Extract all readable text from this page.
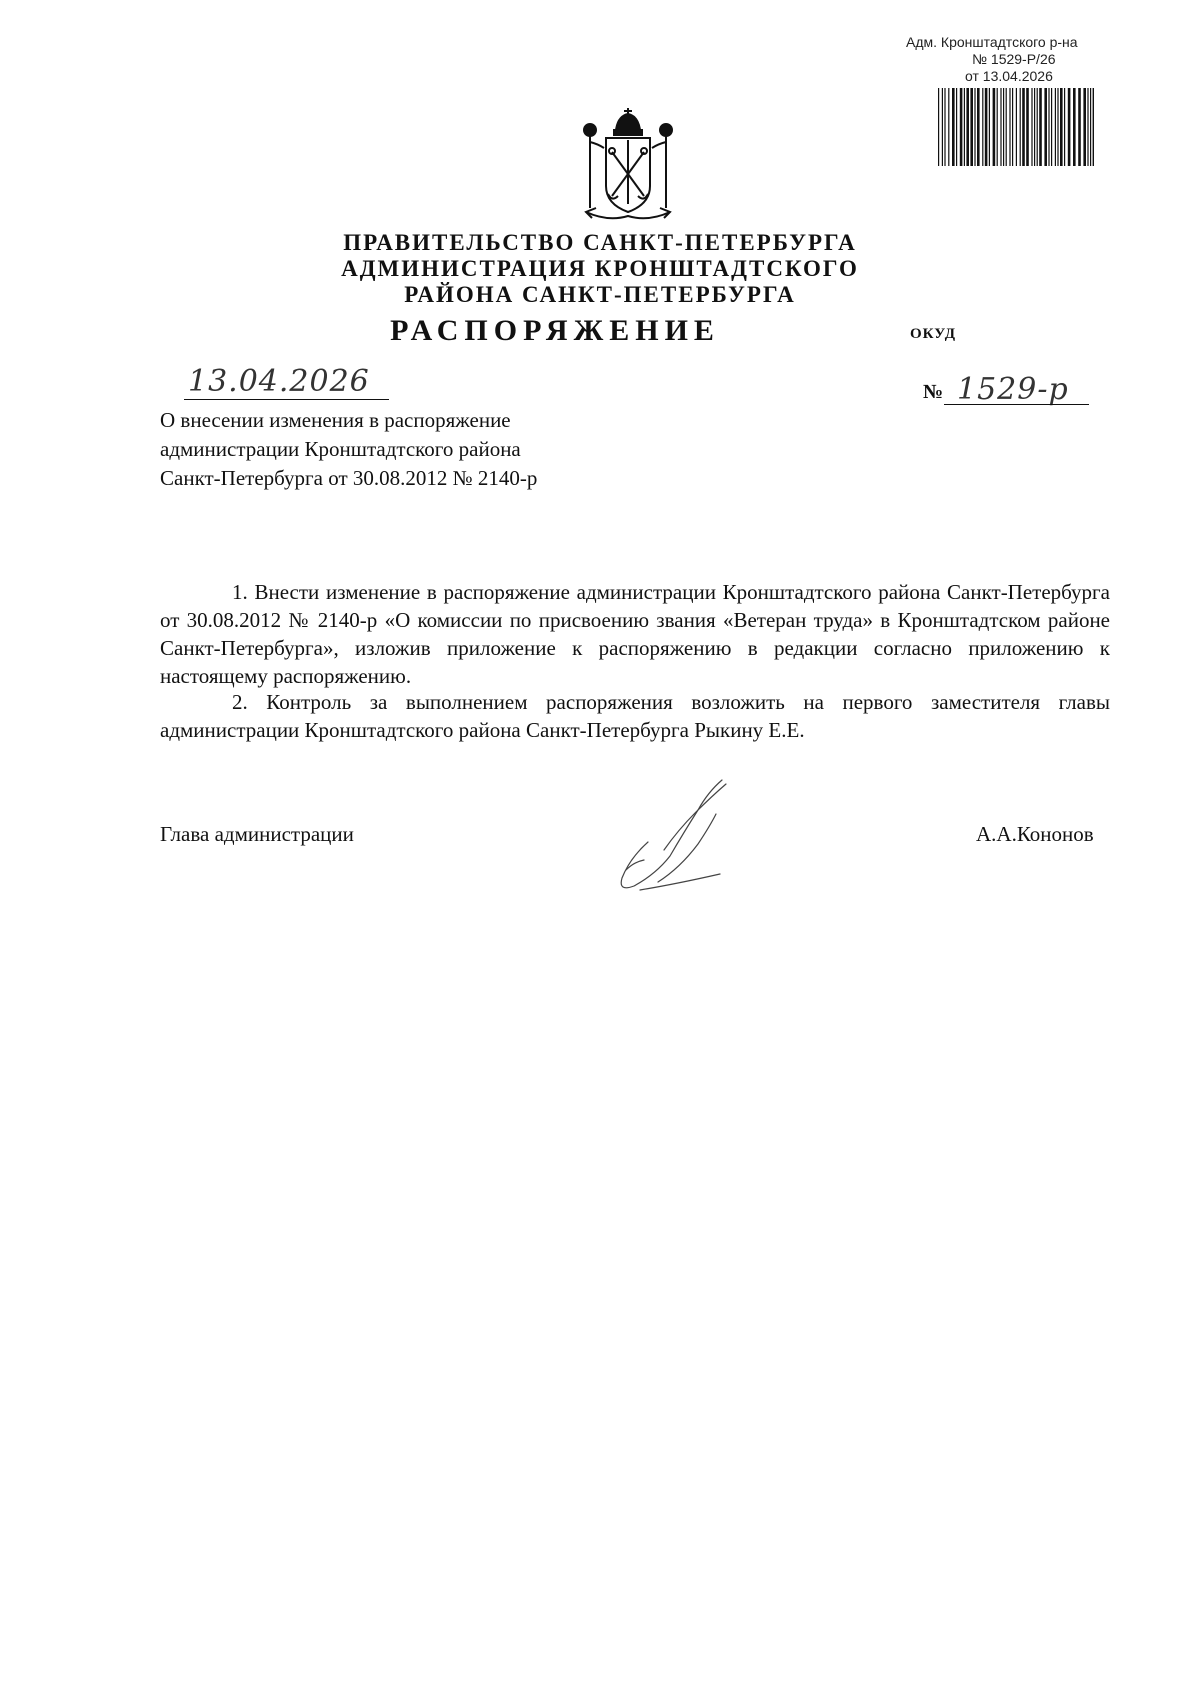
Адм. Кронштадтского р-на
№ 1529-Р/26
от 13.04.2026
ПРАВИТЕЛЬСТВО САНКТ-ПЕТЕРБУРГА
АДМИНИСТРАЦИЯ КРОНШТАДТСКОГО
РАЙОНА САНКТ-ПЕТЕРБУРГА
РАСПОРЯЖЕНИЕ	ОКУД
13.04.2026	№ 1529-р
О внесении изменения в распоряжение
администрации Кронштадтского района
Санкт-Петербурга от 30.08.2012 № 2140-р
1. Внести изменение в распоряжение администрации Кронштадтского района Санкт-Петербурга от 30.08.2012 № 2140-р «О комиссии по присвоению звания «Ветеран труда» в Кронштадтском районе Санкт-Петербурга», изложив приложение к распоряжению в редакции согласно приложению к настоящему распоряжению.
2. Контроль за выполнением распоряжения возложить на первого заместителя главы администрации Кронштадтского района Санкт-Петербурга Рыкину Е.Е.
Глава администрации	А.А.Кононов
